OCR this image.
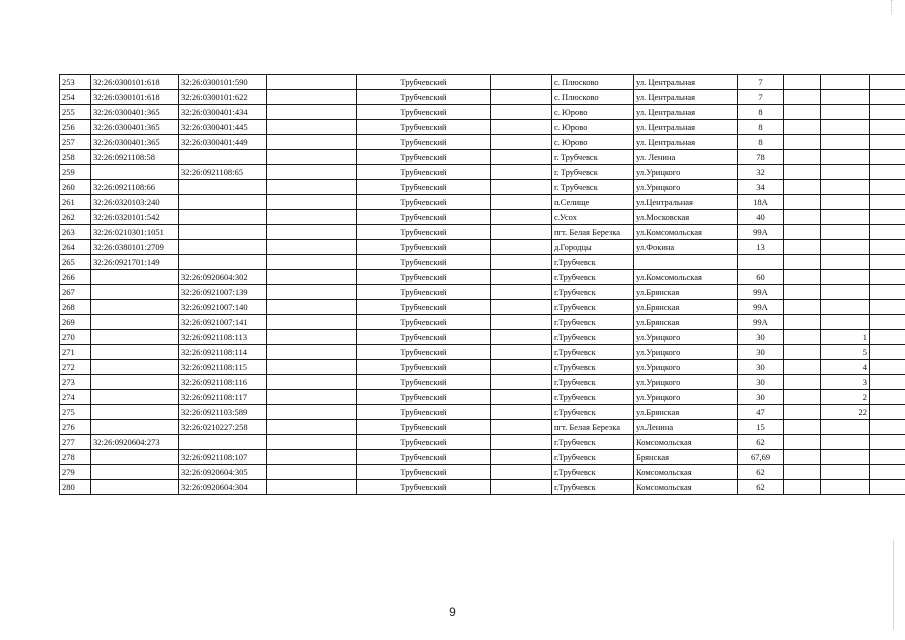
253	32:26:0300101:618	32:26:0300101:590		Трубчевский		с. Плюсково	ул. Центральная	7			
254	32:26:0300101:618	32:26:0300101:622		Трубчевский		с. Плюсково	ул. Центральная	7			
255	32:26:0300401:365	32:26:0300401:434		Трубчевский		с. Юрово	ул. Центральная	8			
256	32:26:0300401:365	32:26:0300401:445		Трубчевский		с. Юрово	ул. Центральная	8			
257	32:26:0300401:365	32:26:0300401:449		Трубчевский		с. Юрово	ул. Центральная	8			
258	32:26:0921108:58			Трубчевский		г. Трубчевск	ул. Ленина	78			
259		32:26:0921108:65		Трубчевский		г. Трубчевск	ул.Урицкого	32			
260	32:26:0921108:66			Трубчевский		г. Трубчевск	ул.Урицкого	34			
261	32:26:0320103:240			Трубчевский		п.Селище	ул.Центральная	18А			
262	32:26:0320101:542			Трубчевский		с.Усох	ул.Московская	40			
263	32:26:0210301:1051			Трубчевский		пгт. Белая Березка	ул.Комсомольская	99А			
264	32:26:0380101:2709			Трубчевский		д.Городцы	ул.Фокина	13			
265	32:26:0921701:149			Трубчевский		г.Трубчевск					
266		32:26:0920604:302		Трубчевский		г.Трубчевск	ул.Комсомольская	60			
267		32:26:0921007:139		Трубчевский		г.Трубчевск	ул.Брянская	99А			
268		32:26:0921007:140		Трубчевский		г.Трубчевск	ул.Брянская	99А			
269		32:26:0921007:141		Трубчевский		г.Трубчевск	ул.Брянская	99А			
270		32:26:0921108:113		Трубчевский		г.Трубчевск	ул.Урицкого	30		1	
271		32:26:0921108:114		Трубчевский		г.Трубчевск	ул.Урицкого	30		5	
272		32:26:0921108:115		Трубчевский		г.Трубчевск	ул.Урицкого	30		4	
273		32:26:0921108:116		Трубчевский		г.Трубчевск	ул.Урицкого	30		3	
274		32:26:0921108:117		Трубчевский		г.Трубчевск	ул.Урицкого	30		2	
275		32:26:0921103:589		Трубчевский		г.Трубчевск	ул.Брянская	47		22	
276		32:26:0210227:258		Трубчевский		пгт. Белая Березка	ул.Ленина	15			
277	32:26:0920604:273			Трубчевский		г.Трубчевск	Комсомольская	62			
278		32:26:0921108:107		Трубчевский		г.Трубчевск	Брянская	67,69			
279		32:26:0920604:305		Трубчевский		г.Трубчевск	Комсомольская	62			
280		32:26:0920604:304		Трубчевский		г.Трубчевск	Комсомольская	62			
9
